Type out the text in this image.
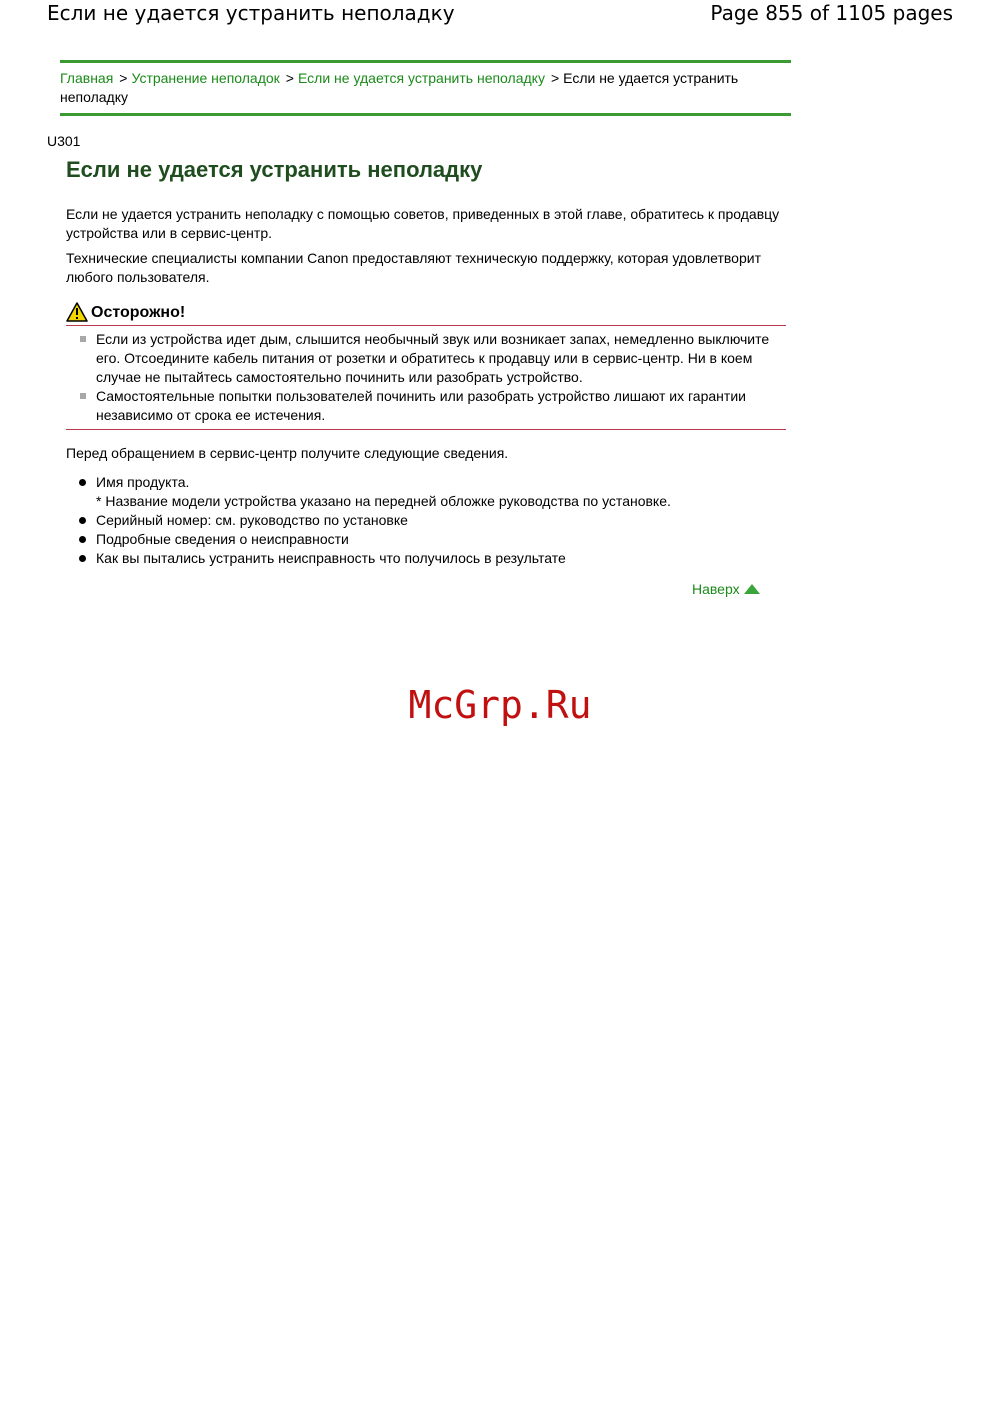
Если не удается устранить неполадку	Page 855 of 1105 pages
Главная > Устранение неполадок > Если не удается устранить неполадку > Если не удается устранить неполадку
U301
Если не удается устранить неполадку

Если не удается устранить неполадку с помощью советов, приведенных в этой главе, обратитесь к продавцу устройства или в сервис-центр.

Технические специалисты компании Canon предоставляют техническую поддержку, которая удовлетворит любого пользователя.

Осторожно!
Если из устройства идет дым, слышится необычный звук или возникает запах, немедленно выключите его. Отсоедините кабель питания от розетки и обратитесь к продавцу или в сервис-центр. Ни в коем случае не пытайтесь самостоятельно починить или разобрать устройство.
Самостоятельные попытки пользователей починить или разобрать устройство лишают их гарантии независимо от срока ее истечения.

Перед обращением в сервис-центр получите следующие сведения.

Имя продукта.
* Название модели устройства указано на передней обложке руководства по установке.
Серийный номер: см. руководство по установке
Подробные сведения о неисправности
Как вы пытались устранить неисправность что получилось в результате
Наверх
McGrp.Ru
